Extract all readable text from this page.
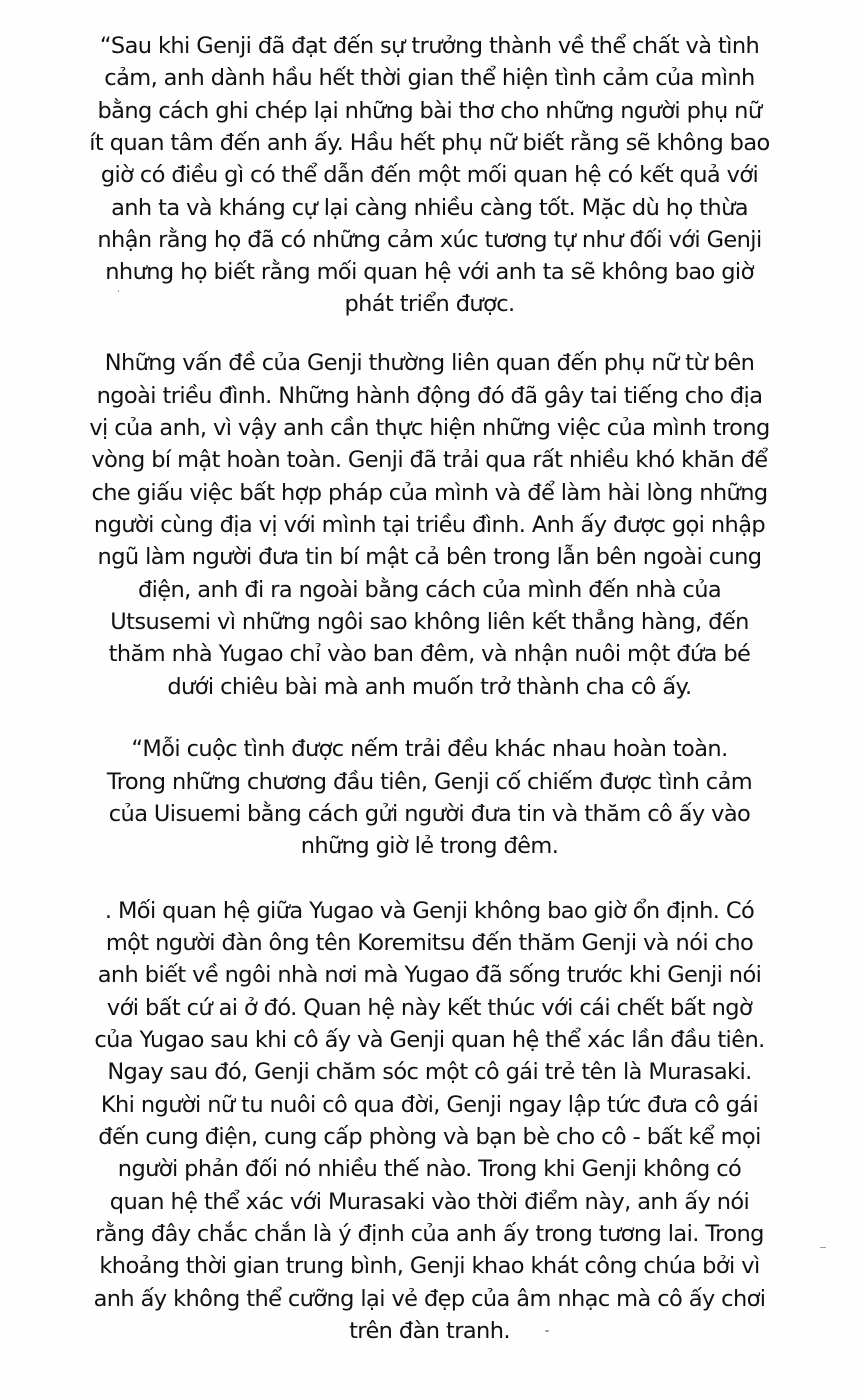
“Sau khi Genji đã đạt đến sự trưởng thành về thể chất và tình
cảm, anh dành hầu hết thời gian thể hiện tình cảm của mình
bằng cách ghi chép lại những bài thơ cho những người phụ nữ
ít quan tâm đến anh ấy. Hầu hết phụ nữ biết rằng sẽ không bao
giờ có điều gì có thể dẫn đến một mối quan hệ có kết quả với
anh ta và kháng cự lại càng nhiều càng tốt. Mặc dù họ thừa
nhận rằng họ đã có những cảm xúc tương tự như đối với Genji
nhưng họ biết rằng mối quan hệ với anh ta sẽ không bao giờ
phát triển được.
Những vấn đề của Genji thường liên quan đến phụ nữ từ bên
ngoài triều đình. Những hành động đó đã gây tai tiếng cho địa
vị của anh, vì vậy anh cần thực hiện những việc của mình trong
vòng bí mật hoàn toàn. Genji đã trải qua rất nhiều khó khăn để
che giấu việc bất hợp pháp của mình và để làm hài lòng những
người cùng địa vị với mình tại triều đình. Anh ấy được gọi nhập
ngũ làm người đưa tin bí mật cả bên trong lẫn bên ngoài cung
điện, anh đi ra ngoài bằng cách của mình đến nhà của
Utsusemi vì những ngôi sao không liên kết thẳng hàng, đến
thăm nhà Yugao chỉ vào ban đêm, và nhận nuôi một đứa bé
dưới chiêu bài mà anh muốn trở thành cha cô ấy.
“Mỗi cuộc tình được nếm trải đều khác nhau hoàn toàn.
Trong những chương đầu tiên, Genji cố chiếm được tình cảm
của Uisuemi bằng cách gửi người đưa tin và thăm cô ấy vào
những giờ lẻ trong đêm.
. Mối quan hệ giữa Yugao và Genji không bao giờ ổn định. Có
một người đàn ông tên Koremitsu đến thăm Genji và nói cho
anh biết về ngôi nhà nơi mà Yugao đã sống trước khi Genji nói
với bất cứ ai ở đó. Quan hệ này kết thúc với cái chết bất ngờ
của Yugao sau khi cô ấy và Genji quan hệ thể xác lần đầu tiên.
Ngay sau đó, Genji chăm sóc một cô gái trẻ tên là Murasaki.
Khi người nữ tu nuôi cô qua đời, Genji ngay lập tức đưa cô gái
đến cung điện, cung cấp phòng và bạn bè cho cô - bất kể mọi
người phản đối nó nhiều thế nào. Trong khi Genji không có
quan hệ thể xác với Murasaki vào thời điểm này, anh ấy nói
rằng đây chắc chắn là ý định của anh ấy trong tương lai. Trong
khoảng thời gian trung bình, Genji khao khát công chúa bởi vì
anh ấy không thể cưỡng lại vẻ đẹp của âm nhạc mà cô ấy chơi
trên đàn tranh.
